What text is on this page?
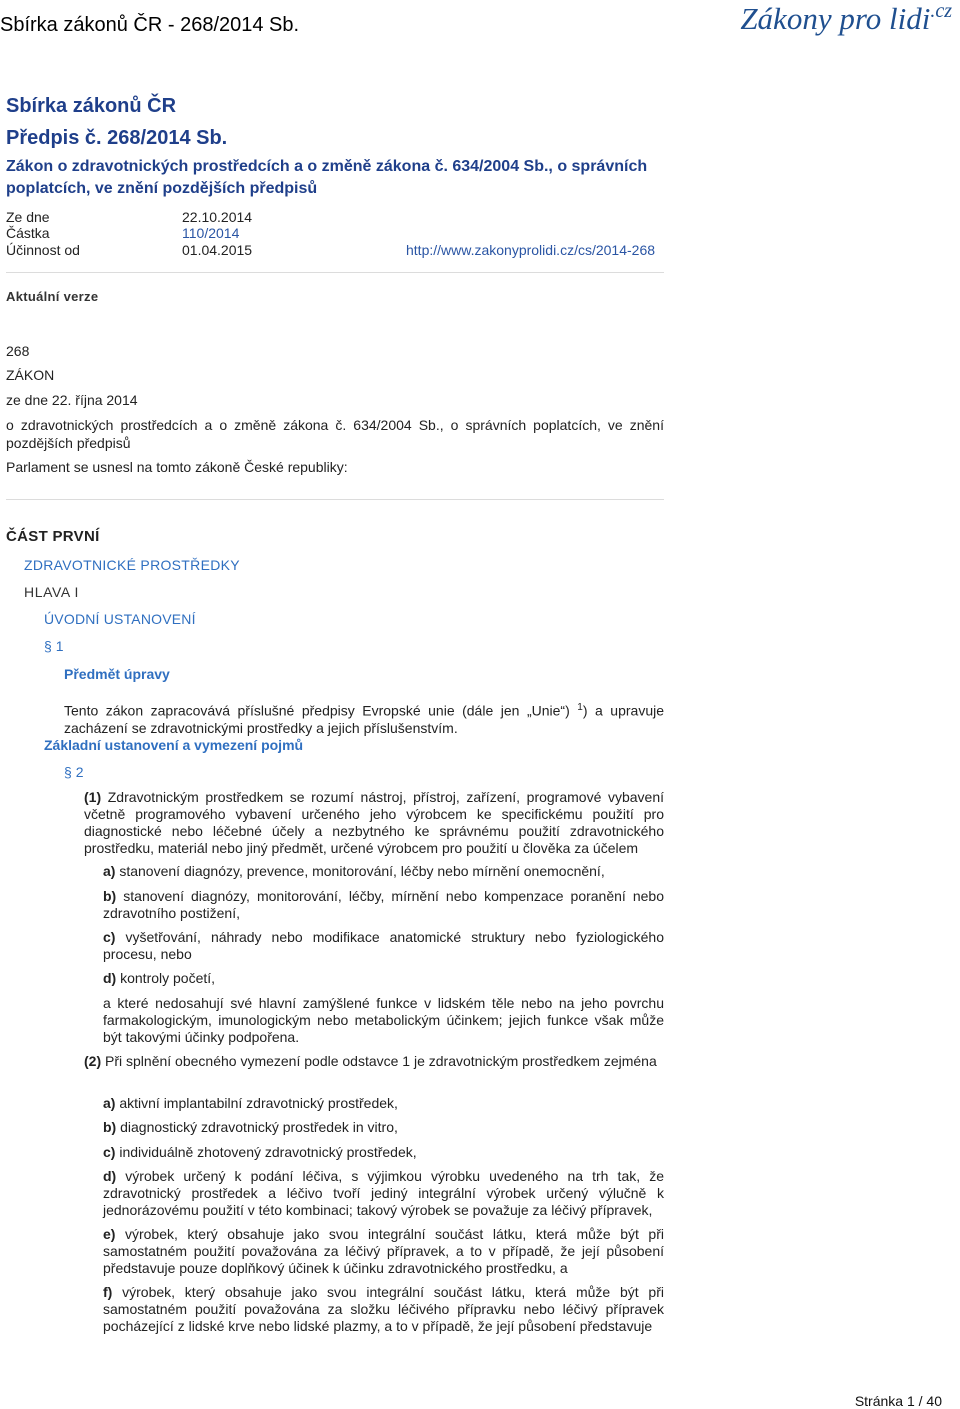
Sbírka zákonů ČR - 268/2014 Sb.	Zákony pro lidi$^{.cz}$
Sbírka zákonů ČR
Předpis č. 268/2014 Sb.
Zákon o zdravotnických prostředcích a o změně zákona č. 634/2004 Sb., o správních poplatcích, ve znění pozdějších předpisů
Ze dne	22.10.2014
Částka	110/2014
Účinnost od	01.04.2015	http://www.zakonyprolidi.cz/cs/2014-268
Aktuální verze
268
ZÁKON
ze dne 22. října 2014
o zdravotnických prostředcích a o změně zákona č. 634/2004 Sb., o správních poplatcích, ve znění pozdějších předpisů
Parlament se usnesl na tomto zákoně České republiky:
ČÁST PRVNÍ
ZDRAVOTNICKÉ PROSTŘEDKY
HLAVA I
ÚVODNÍ USTANOVENÍ
§ 1
Předmět úpravy
Tento zákon zapracovává příslušné předpisy Evropské unie (dále jen „Unie“) $^1$) a upravuje zacházení se zdravotnickými prostředky a jejich příslušenstvím.
Základní ustanovení a vymezení pojmů
§ 2
(1) Zdravotnickým prostředkem se rozumí nástroj, přístroj, zařízení, programové vybavení včetně programového vybavení určeného jeho výrobcem ke specifickému použití pro diagnostické nebo léčebné účely a nezbytného ke správnému použití zdravotnického prostředku, materiál nebo jiný předmět, určené výrobcem pro použití u člověka za účelem
a) stanovení diagnózy, prevence, monitorování, léčby nebo mírnění onemocnění,
b) stanovení diagnózy, monitorování, léčby, mírnění nebo kompenzace poranění nebo zdravotního postižení,
c) vyšetřování, náhrady nebo modifikace anatomické struktury nebo fyziologického procesu, nebo
d) kontroly početí,
a které nedosahují své hlavní zamýšlené funkce v lidském těle nebo na jeho povrchu farmakologickým, imunologickým nebo metabolickým účinkem; jejich funkce však může být takovými účinky podpořena.
(2) Při splnění obecného vymezení podle odstavce 1 je zdravotnickým prostředkem zejména
a) aktivní implantabilní zdravotnický prostředek,
b) diagnostický zdravotnický prostředek in vitro,
c) individuálně zhotovený zdravotnický prostředek,
d) výrobek určený k podání léčiva, s výjimkou výrobku uvedeného na trh tak, že zdravotnický prostředek a léčivo tvoří jediný integrální výrobek určený výlučně k jednorázovému použití v této kombinaci; takový výrobek se považuje za léčivý přípravek,
e) výrobek, který obsahuje jako svou integrální součást látku, která může být při samostatném použití považována za léčivý přípravek, a to v případě, že její působení představuje pouze doplňkový účinek k účinku zdravotnického prostředku, a
f) výrobek, který obsahuje jako svou integrální součást látku, která může být při samostatném použití považována za složku léčivého přípravku nebo léčivý přípravek pocházející z lidské krve nebo lidské plazmy, a to v případě, že její působení představuje
Stránka 1 / 40
